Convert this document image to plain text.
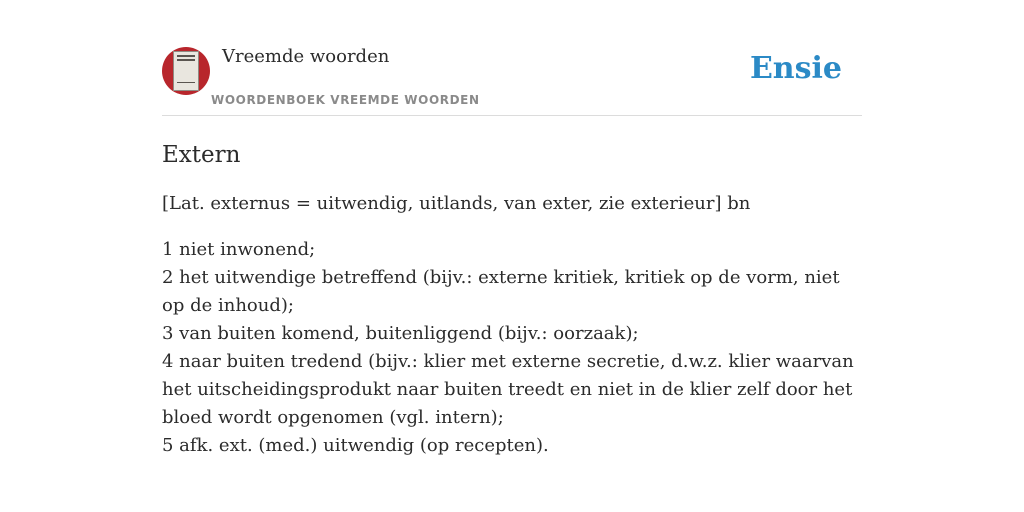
Vreemde woorden
WOORDENBOEK VREEMDE WOORDEN
Ensie
Extern

[Lat. externus = uitwendig, uitlands, van exter, zie exterieur] bn

1 niet inwonend;
2 het uitwendige betreffend (bijv.: externe kritiek, kritiek op de vorm, niet op de inhoud);
3 van buiten komend, buitenliggend (bijv.: oorzaak);
4 naar buiten tredend (bijv.: klier met externe secretie, d.w.z. klier waarvan het uitscheidingsprodukt naar buiten treedt en niet in de klier zelf door het bloed wordt opgenomen (vgl. intern);
5 afk. ext. (med.) uitwendig (op recepten).
